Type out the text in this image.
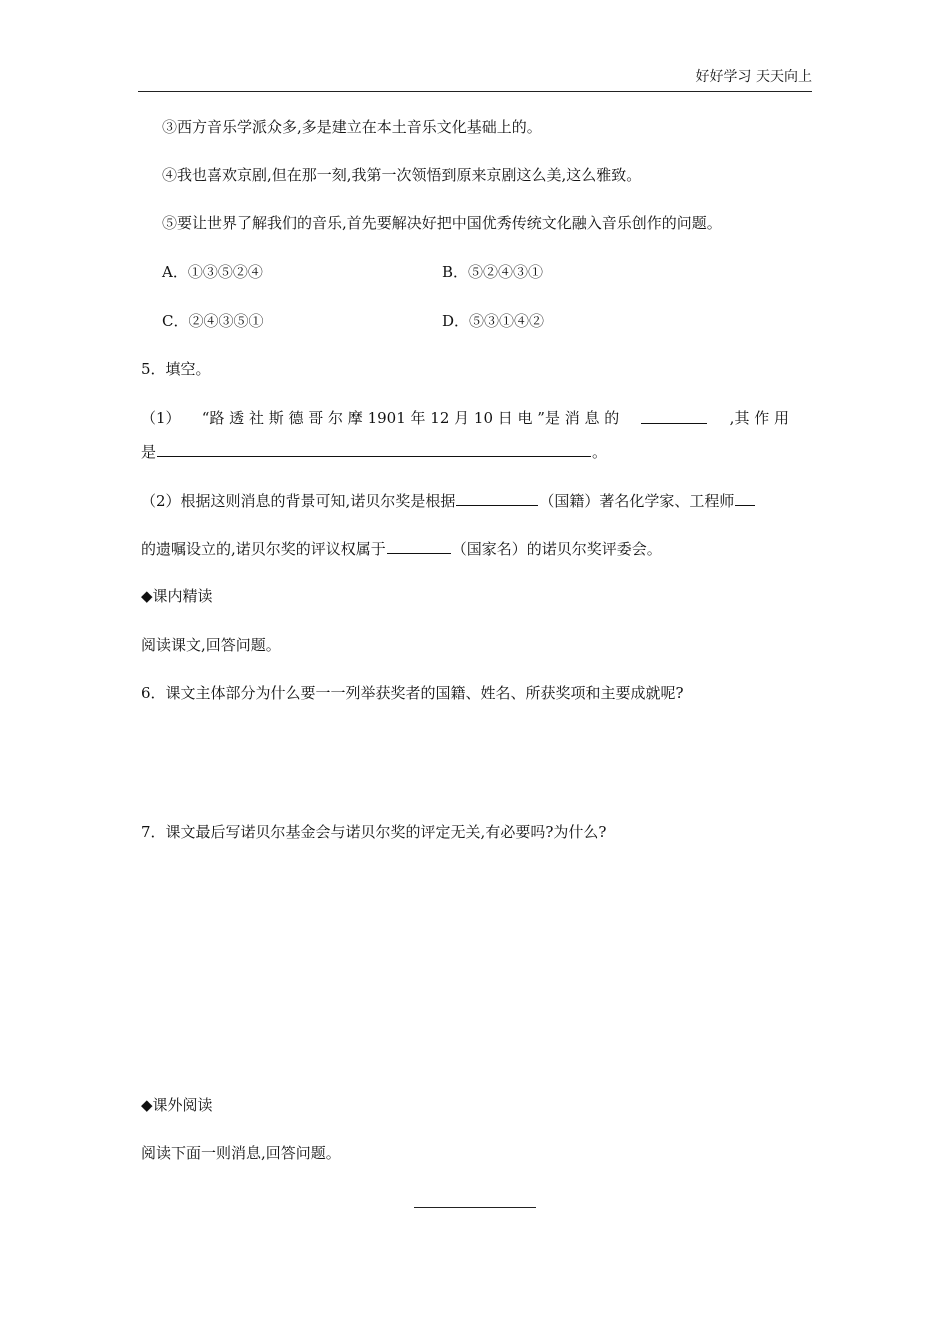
好好学习 天天向上
③西方音乐学派众多,多是建立在本土音乐文化基础上的。
④我也喜欢京剧,但在那一刻,我第一次领悟到原来京剧这么美,这么雅致。
⑤要让世界了解我们的音乐,首先要解决好把中国优秀传统文化融入音乐创作的问题。
A．①③⑤②④	B．⑤②④③①
C．②④③⑤①	D．⑤③①④②
5．填空。
（1） “路 透 社 斯 德 哥 尔 摩 1901 年 12 月 10 日 电 ”是 消 息 的	,其 作 用
是	。
（2）根据这则消息的背景可知,诺贝尔奖是根据	（国籍）著名化学家、工程师
的遗嘱设立的,诺贝尔奖的评议权属于	（国家名）的诺贝尔奖评委会。
◆课内精读
阅读课文,回答问题。
6．课文主体部分为什么要一一列举获奖者的国籍、姓名、所获奖项和主要成就呢?
7．课文最后写诺贝尔基金会与诺贝尔奖的评定无关,有必要吗?为什么?
◆课外阅读
阅读下面一则消息,回答问题。
